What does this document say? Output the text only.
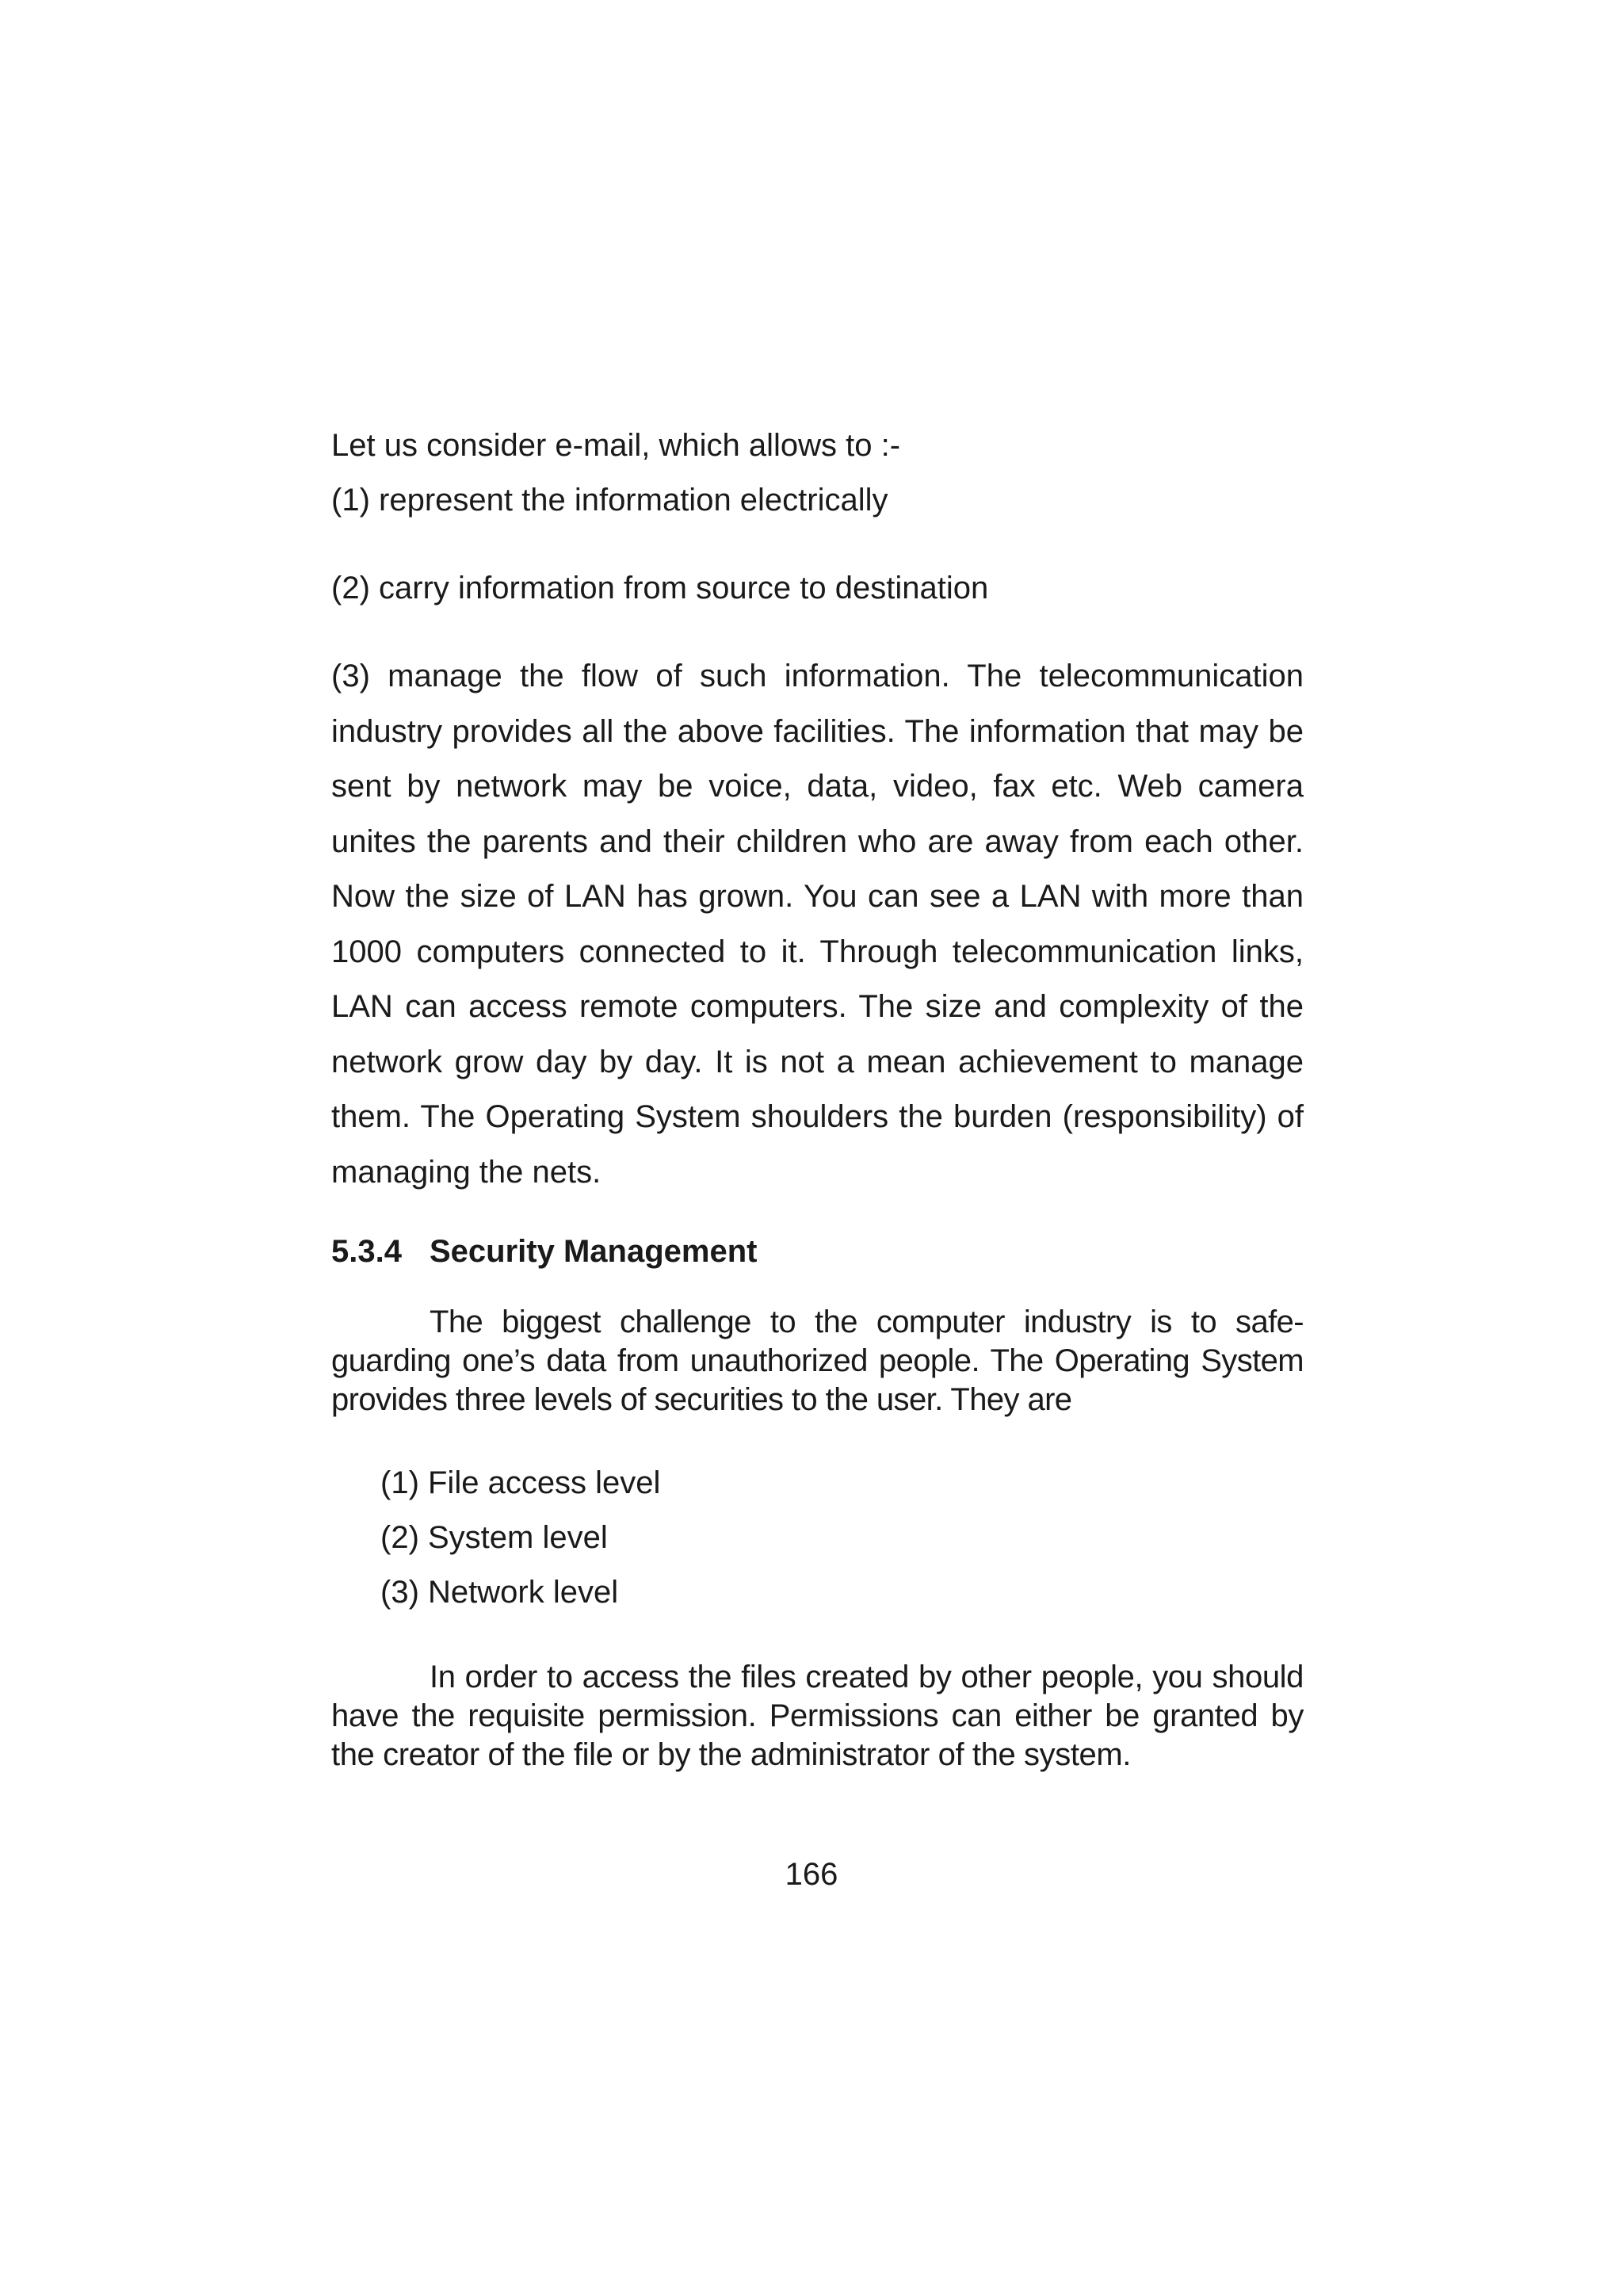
Let us consider e-mail, which allows to :-

(1) represent the information electrically

(2) carry information from source to destination

(3) manage the flow of such information. The telecommunication industry provides all the above facilities. The information that may be sent by network may be voice, data, video, fax etc. Web camera unites the parents and their children who are away from each other. Now the size of LAN has grown. You can see a LAN with more than 1000 computers connected to it. Through telecommunication links, LAN can access remote computers. The size and complexity of the network grow day by day. It is not a mean achievement to manage them. The Operating System shoulders the burden (responsibility) of managing the nets.

5.3.4 Security Management

The biggest challenge to the computer industry is to safe-guarding one’s data from unauthorized people. The Operating System provides three levels of securities to the user. They are

(1) File access level
(2) System level
(3) Network level

In order to access the files created by other people, you should have the requisite permission. Permissions can either be granted by the creator of the file or by the administrator of the system.

166
